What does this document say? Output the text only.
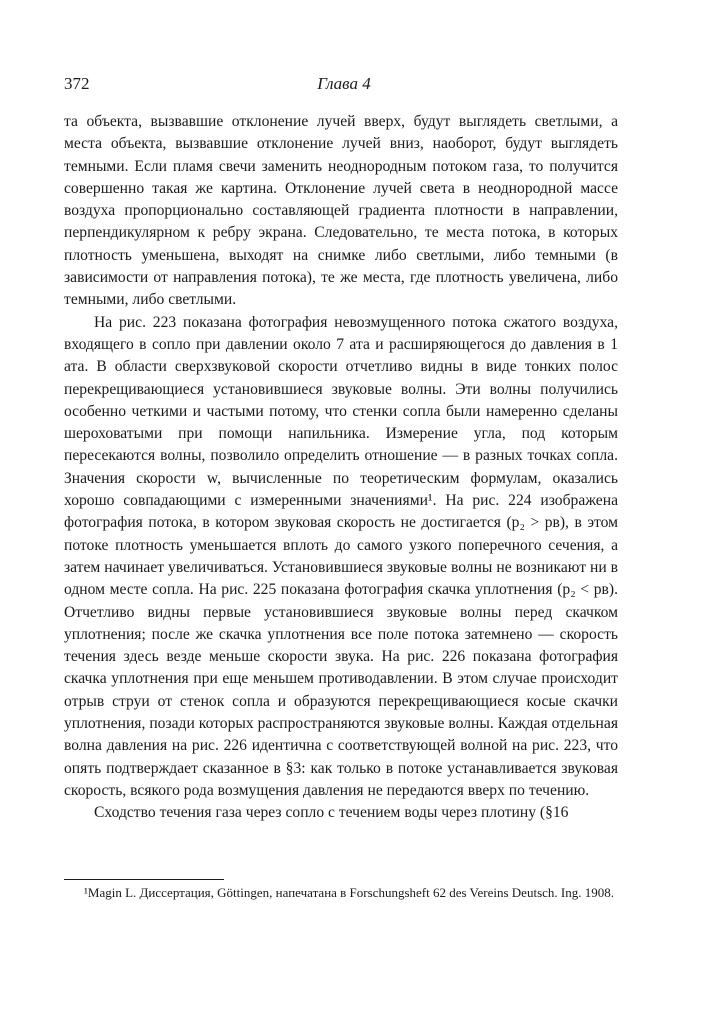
372	Глава 4

та объекта, вызвавшие отклонение лучей вверх, будут выглядеть светлыми, а места объекта, вызвавшие отклонение лучей вниз, наоборот, будут выглядеть темными. Если пламя свечи заменить неоднородным потоком газа, то получится совершенно такая же картина. Отклонение лучей света в неоднородной массе воздуха пропорционально составляющей градиента плотности в направлении, перпендикулярном к ребру экрана. Следовательно, те места потока, в которых плотность уменьшена, выходят на снимке либо светлыми, либо темными (в зависимости от направления потока), те же места, где плотность увеличена, либо темными, либо светлыми.

На рис. 223 показана фотография невозмущенного потока сжатого воздуха, входящего в сопло при давлении около 7 ата и расширяющегося до давления в 1 ата. В области сверхзвуковой скорости отчетливо видны в виде тонких полос перекрещивающиеся установившиеся звуковые волны. Эти волны получились особенно четкими и частыми потому, что стенки сопла были намеренно сделаны шероховатыми при помощи напильника. Измерение угла, под которым пересекаются волны, позволило определить отношение — в разных точках сопла. Значения скорости w, вычисленные по теоретическим формулам, оказались хорошо совпадающими с измеренными значениями¹. На рис. 224 изображена фотография потока, в котором звуковая скорость не достигается (p₂ > pв), в этом потоке плотность уменьшается вплоть до самого узкого поперечного сечения, а затем начинает увеличиваться. Установившиеся звуковые волны не возникают ни в одном месте сопла. На рис. 225 показана фотография скачка уплотнения (p₂ < pв). Отчетливо видны первые установившиеся звуковые волны перед скачком уплотнения; после же скачка уплотнения все поле потока затемнено — скорость течения здесь везде меньше скорости звука. На рис. 226 показана фотография скачка уплотнения при еще меньшем противодавлении. В этом случае происходит отрыв струи от стенок сопла и образуются перекрещивающиеся косые скачки уплотнения, позади которых распространяются звуковые волны. Каждая отдельная волна давления на рис. 226 идентична с соответствующей волной на рис. 223, что опять подтверждает сказанное в §3: как только в потоке устанавливается звуковая скорость, всякого рода возмущения давления не передаются вверх по течению.

Сходство течения газа через сопло с течением воды через плотину (§16

¹Magin L. Диссертация, Göttingen, напечатана в Forschungsheft 62 des Vereins Deutsch. Ing. 1908.
